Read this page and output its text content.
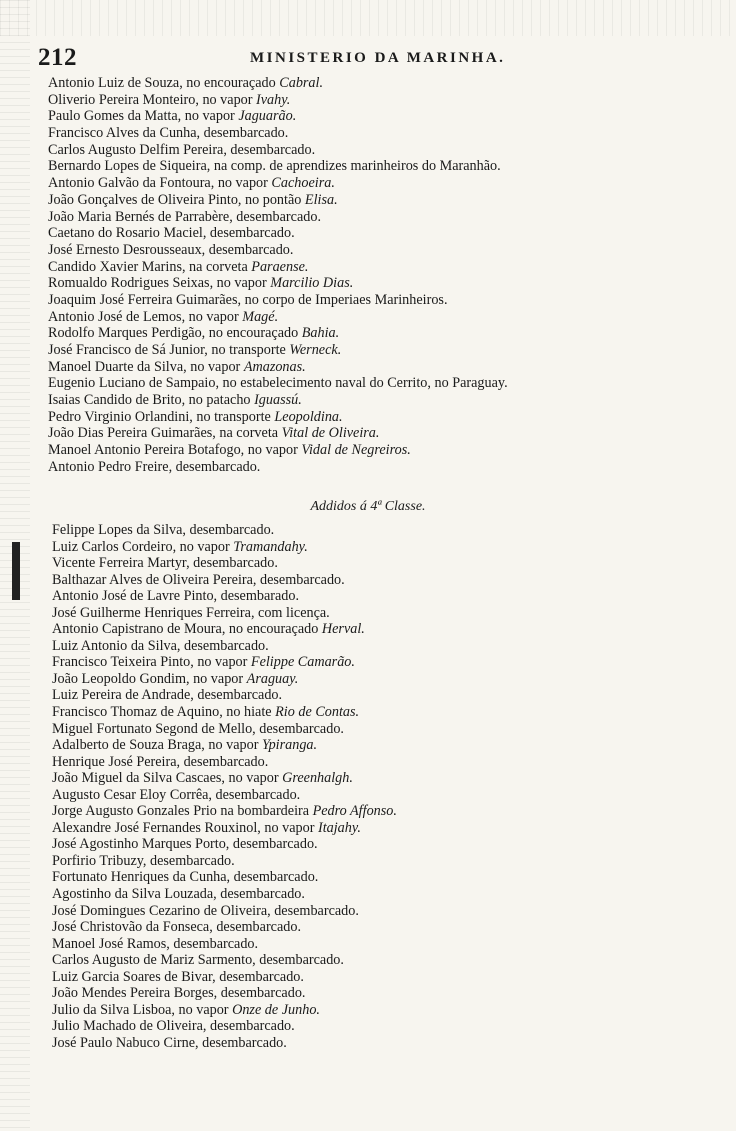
212	MINISTERIO DA MARINHA.
Antonio Luiz de Souza, no encouraçado Cabral.
Oliverio Pereira Monteiro, no vapor Ivahy.
Paulo Gomes da Matta, no vapor Jaguarão.
Francisco Alves da Cunha, desembarcado.
Carlos Augusto Delfim Pereira, desembarcado.
Bernardo Lopes de Siqueira, na comp. de aprendizes marinheiros do Maranhão.
Antonio Galvão da Fontoura, no vapor Cachoeira.
João Gonçalves de Oliveira Pinto, no pontão Elisa.
João Maria Bernés de Parrabère, desembarcado.
Caetano do Rosario Maciel, desembarcado.
José Ernesto Desrousseaux, desembarcado.
Candido Xavier Marins, na corveta Paraense.
Romualdo Rodrigues Seixas, no vapor Marcilio Dias.
Joaquim José Ferreira Guimarães, no corpo de Imperiaes Marinheiros.
Antonio José de Lemos, no vapor Magé.
Rodolfo Marques Perdigão, no encouraçado Bahia.
José Francisco de Sá Junior, no transporte Werneck.
Manoel Duarte da Silva, no vapor Amazonas.
Eugenio Luciano de Sampaio, no estabelecimento naval do Cerrito, no Paraguay.
Isaias Candido de Brito, no patacho Iguassú.
Pedro Virginio Orlandini, no transporte Leopoldina.
João Dias Pereira Guimarães, na corveta Vital de Oliveira.
Manoel Antonio Pereira Botafogo, no vapor Vidal de Negreiros.
Antonio Pedro Freire, desembarcado.
Addidos á 4ª Classe.
Felippe Lopes da Silva, desembarcado.
Luiz Carlos Cordeiro, no vapor Tramandahy.
Vicente Ferreira Martyr, desembarcado.
Balthazar Alves de Oliveira Pereira, desembarcado.
Antonio José de Lavre Pinto, desembarado.
José Guilherme Henriques Ferreira, com licença.
Antonio Capistrano de Moura, no encouraçado Herval.
Luiz Antonio da Silva, desembarcado.
Francisco Teixeira Pinto, no vapor Felippe Camarão.
João Leopoldo Gondim, no vapor Araguay.
Luiz Pereira de Andrade, desembarcado.
Francisco Thomaz de Aquino, no hiate Rio de Contas.
Miguel Fortunato Segond de Mello, desembarcado.
Adalberto de Souza Braga, no vapor Ypiranga.
Henrique José Pereira, desembarcado.
João Miguel da Silva Cascaes, no vapor Greenhalgh.
Augusto Cesar Eloy Corrêa, desembarcado.
Jorge Augusto Gonzales Prio na bombardeira Pedro Affonso.
Alexandre José Fernandes Rouxinol, no vapor Itajahy.
José Agostinho Marques Porto, desembarcado.
Porfirio Tribuzy, desembarcado.
Fortunato Henriques da Cunha, desembarcado.
Agostinho da Silva Louzada, desembarcado.
José Domingues Cezarino de Oliveira, desembarcado.
José Christovão da Fonseca, desembarcado.
Manoel José Ramos, desembarcado.
Carlos Augusto de Mariz Sarmento, desembarcado.
Luiz Garcia Soares de Bivar, desembarcado.
João Mendes Pereira Borges, desembarcado.
Julio da Silva Lisboa, no vapor Onze de Junho.
Julio Machado de Oliveira, desembarcado.
José Paulo Nabuco Cirne, desembarcado.
